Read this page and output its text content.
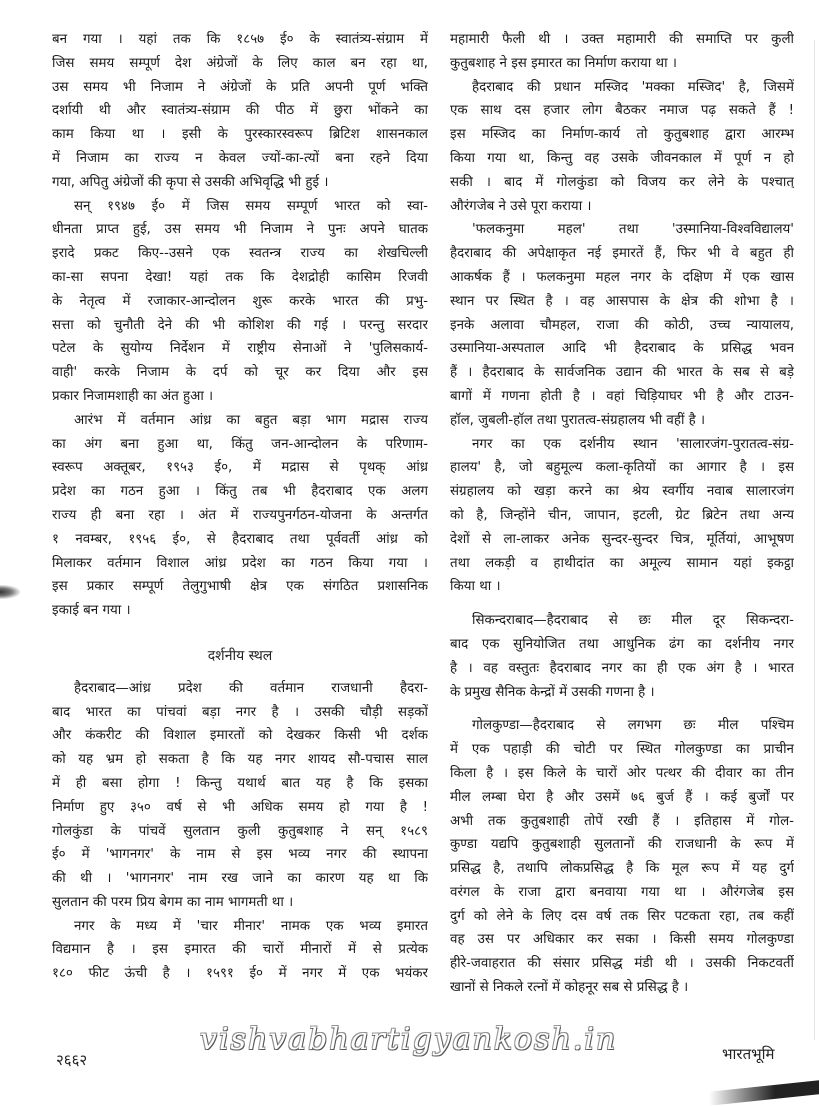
बन गया । यहां तक कि १८५७ ई० के स्वातंत्र्य-संग्राम में
जिस समय सम्पूर्ण देश अंग्रेजों के लिए काल बन रहा था,
उस समय भी निजाम ने अंग्रेजों के प्रति अपनी पूर्ण भक्ति
दर्शायी थी और स्वातंत्र्य-संग्राम की पीठ में छुरा भोंकने का
काम किया था । इसी के पुरस्कारस्वरूप ब्रिटिश शासनकाल
में निजाम का राज्य न केवल ज्यों-का-त्यों बना रहने दिया
गया, अपितु अंग्रेजों की कृपा से उसकी अभिवृद्धि भी हुई ।
सन् १९४७ ई० में जिस समय सम्पूर्ण भारत को स्वा-
धीनता प्राप्त हुई, उस समय भी निजाम ने पुनः अपने घातक
इरादे प्रकट किए--उसने एक स्वतन्त्र राज्य का शेखचिल्ली
का-सा सपना देखा! यहां तक कि देशद्रोही कासिम रिजवी
के नेतृत्व में रजाकार-आन्दोलन शुरू करके भारत की प्रभु-
सत्ता को चुनौती देने की भी कोशिश की गई । परन्तु सरदार
पटेल के सुयोग्य निर्देशन में राष्ट्रीय सेनाओं ने 'पुलिसकार्य-
वाही' करके निजाम के दर्प को चूर कर दिया और इस
प्रकार निजामशाही का अंत हुआ ।
आरंभ में वर्तमान आंध्र का बहुत बड़ा भाग मद्रास राज्य
का अंग बना हुआ था, किंतु जन-आन्दोलन के परिणाम-
स्वरूप अक्तूबर, १९५३ ई०, में मद्रास से पृथक् आंध्र
प्रदेश का गठन हुआ । किंतु तब भी हैदराबाद एक अलग
राज्य ही बना रहा । अंत में राज्यपुनर्गठन-योजना के अन्तर्गत
१ नवम्बर, १९५६ ई०, से हैदराबाद तथा पूर्ववर्ती आंध्र को
मिलाकर वर्तमान विशाल आंध्र प्रदेश का गठन किया गया ।
इस प्रकार सम्पूर्ण तेलुगुभाषी क्षेत्र एक संगठित प्रशासनिक
इकाई बन गया ।
दर्शनीय स्थल
हैदराबाद—आंध्र प्रदेश की वर्तमान राजधानी हैदरा-
बाद भारत का पांचवां बड़ा नगर है । उसकी चौड़ी सड़कों
और कंकरीट की विशाल इमारतों को देखकर किसी भी दर्शक
को यह भ्रम हो सकता है कि यह नगर शायद सौ-पचास साल
में ही बसा होगा ! किन्तु यथार्थ बात यह है कि इसका
निर्माण हुए ३५० वर्ष से भी अधिक समय हो गया है !
गोलकुंडा के पांचवें सुलतान कुली कुतुबशाह ने सन् १५८९
ई० में 'भागनगर' के नाम से इस भव्य नगर की स्थापना
की थी । 'भागनगर' नाम रख जाने का कारण यह था कि
सुलतान की परम प्रिय बेगम का नाम भागमती था ।
नगर के मध्य में 'चार मीनार' नामक एक भव्य इमारत
विद्यमान है । इस इमारत की चारों मीनारों में से प्रत्येक
१८० फीट ऊंची है । १५९१ ई० में नगर में एक भयंकर
महामारी फैली थी । उक्त महामारी की समाप्ति पर कुली
कुतुबशाह ने इस इमारत का निर्माण कराया था ।
हैदराबाद की प्रधान मस्जिद 'मक्का मस्जिद' है, जिसमें
एक साथ दस हजार लोग बैठकर नमाज पढ़ सकते हैं !
इस मस्जिद का निर्माण-कार्य तो कुतुबशाह द्वारा आरम्भ
किया गया था, किन्तु वह उसके जीवनकाल में पूर्ण न हो
सकी । बाद में गोलकुंडा को विजय कर लेने के पश्चात्
औरंगजेब ने उसे पूरा कराया ।
'फलकनुमा महल' तथा 'उस्मानिया-विश्वविद्यालय'
हैदराबाद की अपेक्षाकृत नई इमारतें हैं, फिर भी वे बहुत ही
आकर्षक हैं । फलकनुमा महल नगर के दक्षिण में एक खास
स्थान पर स्थित है । वह आसपास के क्षेत्र की शोभा है ।
इनके अलावा चौमहल, राजा की कोठी, उच्च न्यायालय,
उस्मानिया-अस्पताल आदि भी हैदराबाद के प्रसिद्ध भवन
हैं । हैदराबाद के सार्वजनिक उद्यान की भारत के सब से बड़े
बागों में गणना होती है । वहां चिड़ियाघर भी है और टाउन-
हॉल, जुबली-हॉल तथा पुरातत्व-संग्रहालय भी वहीं है ।
नगर का एक दर्शनीय स्थान 'सालारजंग-पुरातत्व-संग्र-
हालय' है, जो बहुमूल्य कला-कृतियों का आगार है । इस
संग्रहालय को खड़ा करने का श्रेय स्वर्गीय नवाब सालारजंग
को है, जिन्होंने चीन, जापान, इटली, ग्रेट ब्रिटेन तथा अन्य
देशों से ला-लाकर अनेक सुन्दर-सुन्दर चित्र, मूर्तियां, आभूषण
तथा लकड़ी व हाथीदांत का अमूल्य सामान यहां इकट्ठा
किया था ।
सिकन्दराबाद—हैदराबाद से छः मील दूर सिकन्दरा-
बाद एक सुनियोजित तथा आधुनिक ढंग का दर्शनीय नगर
है । वह वस्तुतः हैदराबाद नगर का ही एक अंग है । भारत
के प्रमुख सैनिक केन्द्रों में उसकी गणना है ।
गोलकुण्डा—हैदराबाद से लगभग छः मील पश्चिम
में एक पहाड़ी की चोटी पर स्थित गोलकुण्डा का प्राचीन
किला है । इस किले के चारों ओर पत्थर की दीवार का तीन
मील लम्बा घेरा है और उसमें ७६ बुर्ज हैं । कई बुर्जों पर
अभी तक कुतुबशाही तोपें रखी हैं । इतिहास में गोल-
कुण्डा यद्यपि कुतुबशाही सुलतानों की राजधानी के रूप में
प्रसिद्ध है, तथापि लोकप्रसिद्ध है कि मूल रूप में यह दुर्ग
वरंगल के राजा द्वारा बनवाया गया था । औरंगजेब इस
दुर्ग को लेने के लिए दस वर्ष तक सिर पटकता रहा, तब कहीं
वह उस पर अधिकार कर सका । किसी समय गोलकुण्डा
हीरे-जवाहरात की संसार प्रसिद्ध मंडी थी । उसकी निकटवर्ती
खानों से निकले रत्नों में कोहनूर सब से प्रसिद्ध है ।
vishvabhartigyankosh.in
२६६२	भारतभूमि
